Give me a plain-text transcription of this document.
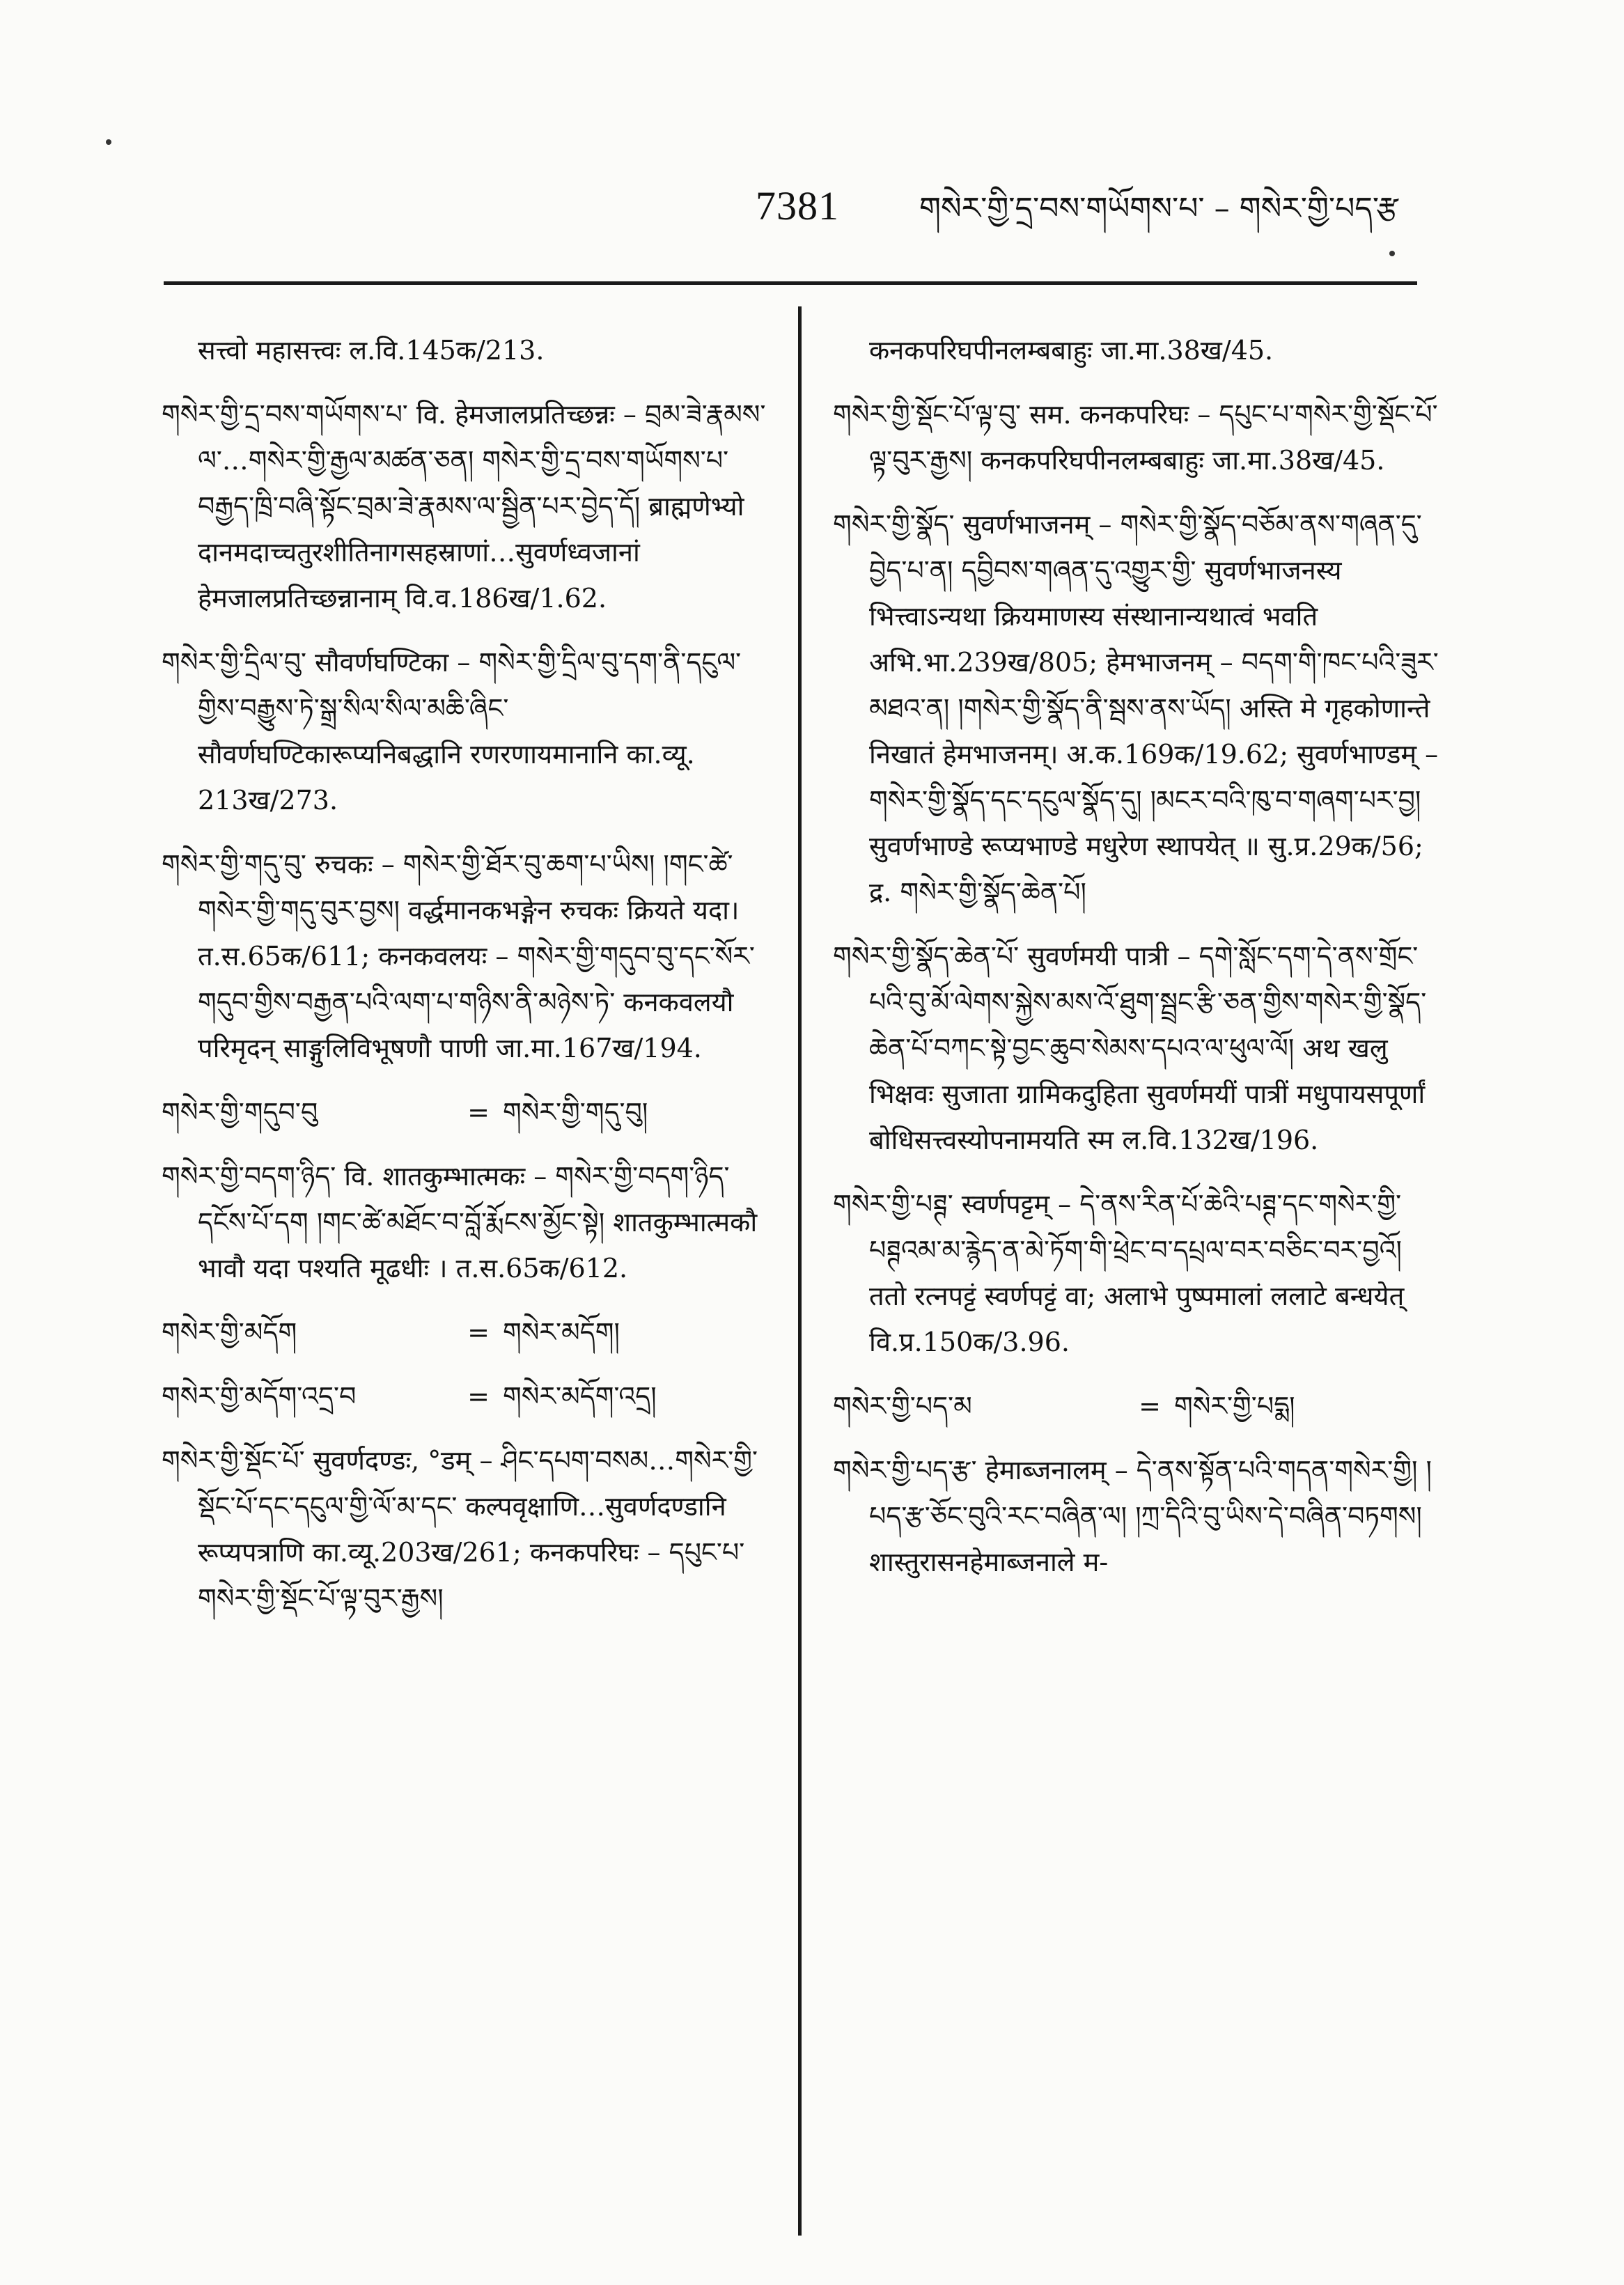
7381	གསེར་གྱི་དྲ་བས་གཡོགས་པ་ – གསེར་གྱི་པད་རྩ
सत्त्वो महासत्त्वः ल.वि.145क/213.
གསེར་གྱི་དྲ་བས་གཡོགས་པ་ वि. हेमजालप्रतिच्छन्नः – བྲམ་ཟེ་རྣམས་ལ་…གསེར་གྱི་རྒྱལ་མཚན་ཅན། གསེར་གྱི་དྲ་བས་གཡོགས་པ་བརྒྱད་ཁྲི་བཞི་སྟོང་བྲམ་ཟེ་རྣམས་ལ་སྦྱིན་པར་བྱེད་དོ། ब्राह्मणेभ्यो दानमदाच्चतुरशीतिनागसहस्राणां…सुवर्णध्वजानां हेमजालप्रतिच्छन्नानाम् वि.व.186ख/1.62.
གསེར་གྱི་དྲིལ་བུ་ सौवर्णघण्टिका – གསེར་གྱི་དྲིལ་བུ་དག་ནི་དངུལ་གྱིས་བརྒྱུས་ཏེ་སྒྲ་སིལ་སིལ་མཆི་ཞིང་ सौवर्णघण्टिकारूप्यनिबद्धानि रणरणायमानानि का.व्यू. 213ख/273.
གསེར་གྱི་གདུ་བུ་ रुचकः – གསེར་གྱི་ཐོར་བུ་ཆག་པ་ཡིས། །གང་ཚེ་གསེར་གྱི་གདུ་བུར་བྱས། वर्द्धमानकभङ्गेन रुचकः क्रियते यदा। त.स.65क/611; कनकवलयः – གསེར་གྱི་གདུབ་བུ་དང་སོར་གདུབ་གྱིས་བརྒྱན་པའི་ལག་པ་གཉིས་ནི་མཉེས་ཏེ་ कनकवलयौ परिमृदन् साङ्गुलिविभूषणौ पाणी जा.मा.167ख/194.
གསེར་གྱི་གདུབ་བུ	= གསེར་གྱི་གདུ་བུ།
གསེར་གྱི་བདག་ཉིད་ वि. शातकुम्भात्मकः – གསེར་གྱི་བདག་ཉིད་དངོས་པོ་དག །གང་ཚེ་མཐོང་བ་བློ་རྨོངས་མྱོང་སྟེ། शातकुम्भात्मकौ भावौ यदा पश्यति मूढधीः । त.स.65क/612.
གསེར་གྱི་མདོག	= གསེར་མདོག།
གསེར་གྱི་མདོག་འདྲ་བ	= གསེར་མདོག་འདྲ།
གསེར་གྱི་སྡོང་པོ་ सुवर्णदण्डः, °डम् – ཤིང་དཔག་བསམ…གསེར་གྱི་སྡོང་པོ་དང་དངུལ་གྱི་ལོ་མ་དང་ कल्पवृक्षाणि…सुवर्णदण्डानि रूप्यपत्राणि का.व्यू.203ख/261; कनकपरिघः – དཔུང་པ་གསེར་གྱི་སྡོང་པོ་ལྟ་བུར་རྒྱས།
कनकपरिघपीनलम्बबाहुः जा.मा.38ख/45.
གསེར་གྱི་སྡོང་པོ་ལྟ་བུ་ सम. कनकपरिघः – དཔུང་པ་གསེར་གྱི་སྡོང་པོ་ལྟ་བུར་རྒྱས། कनकपरिघपीनलम्बबाहुः जा.मा.38ख/45.
གསེར་གྱི་སྣོད་ सुवर्णभाजनम् – གསེར་གྱི་སྣོད་བཅོམ་ནས་གཞན་དུ་བྱེད་པ་ན། དབྱིབས་གཞན་དུ་འགྱུར་གྱི་ सुवर्णभाजनस्य भित्त्वाऽन्यथा क्रियमाणस्य संस्थानान्यथात्वं भवति अभि.भा.239ख/805; हेमभाजनम् – བདག་གི་ཁང་པའི་ཟུར་མཐའ་ན། །གསེར་གྱི་སྣོད་ནི་སྦས་ནས་ཡོད། अस्ति मे गृहकोणान्ते निखातं हेमभाजनम्। अ.क.169क/19.62; सुवर्णभाण्डम् – གསེར་གྱི་སྣོད་དང་དངུལ་སྣོད་དུ། །མངར་བའི་ཁུ་བ་གཞག་པར་བྱ། सुवर्णभाण्डे रूप्यभाण्डे मधुरेण स्थापयेत् ॥ सु.प्र.29क/56; द्र. གསེར་གྱི་སྣོད་ཆེན་པོ།
གསེར་གྱི་སྣོད་ཆེན་པོ་ सुवर्णमयी पात्री – དགེ་སློང་དག་དེ་ནས་གྲོང་པའི་བུ་མོ་ལེགས་སྐྱེས་མས་འོ་ཐུག་སྦྲང་རྩི་ཅན་གྱིས་གསེར་གྱི་སྣོད་ཆེན་པོ་བཀང་སྟེ་བྱང་ཆུབ་སེམས་དཔའ་ལ་ཕུལ་ལོ། अथ खलु भिक्षवः सुजाता ग्रामिकदुहिता सुवर्णमयीं पात्रीं मधुपायसपूर्णां बोधिसत्त्वस्योपनामयति स्म ल.वि.132ख/196.
གསེར་གྱི་པཊྚ་ स्वर्णपट्टम् – དེ་ནས་རིན་པོ་ཆེའི་པཊྚ་དང་གསེར་གྱི་པཊྚའམ་མ་རྙེད་ན་མེ་ཏོག་གི་ཕྲེང་བ་དཔྲལ་བར་བཅིང་བར་བྱའོ། ततो रत्नपट्टं स्वर्णपट्टं वा; अलाभे पुष्पमालां ललाटे बन्धयेत् वि.प्र.150क/3.96.
གསེར་གྱི་པད་མ	= གསེར་གྱི་པདྨ།
གསེར་གྱི་པད་རྩ་ हेमाब्जनालम् – དེ་ནས་སྟོན་པའི་གདན་གསེར་གྱི། །པད་རྩ་ཅོང་བུའི་རང་བཞིན་ལ། །ཀྲ་དིའི་བུ་ཡིས་དེ་བཞིན་བཏགས། शास्तुरासनहेमाब्जनाले म-
